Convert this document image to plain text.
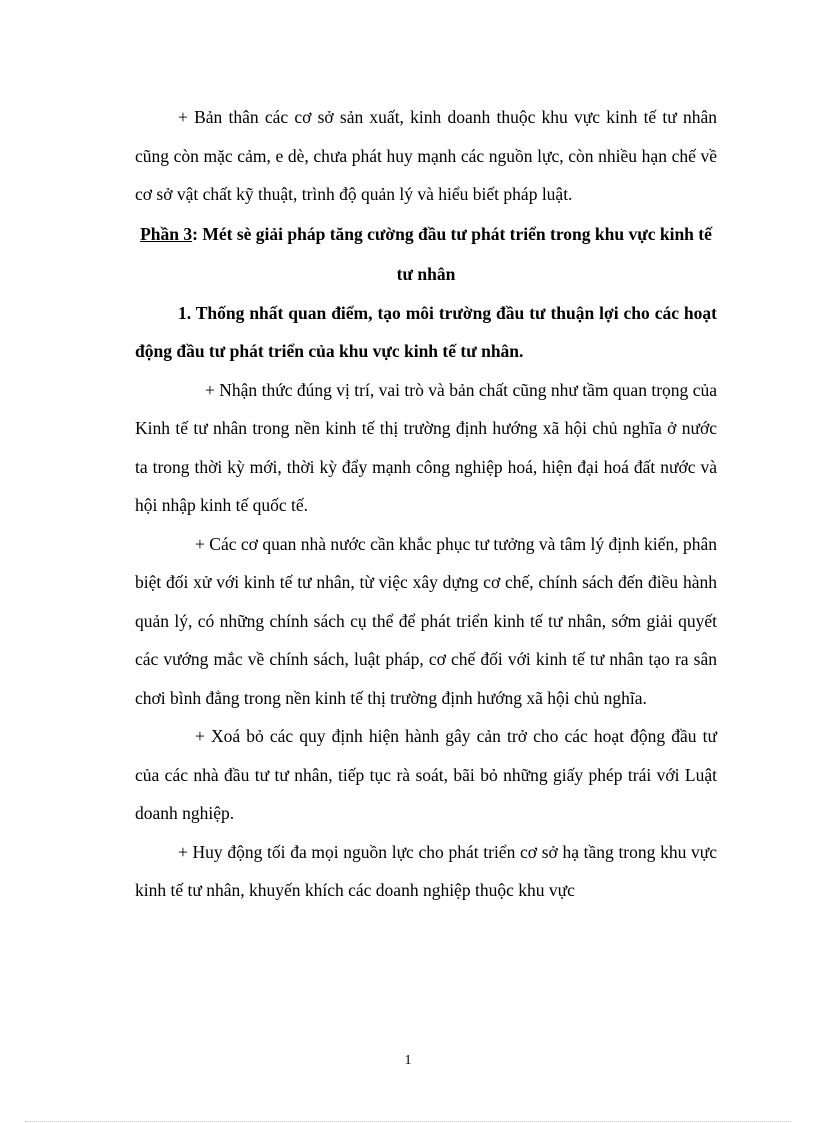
+ Bản thân các cơ sở sản xuất, kinh doanh thuộc khu vực kinh tế tư nhân cũng còn mặc cảm, e dè, chưa phát huy mạnh các nguồn lực, còn nhiều hạn chế về cơ sở vật chất kỹ thuật, trình độ quản lý và hiểu biết pháp luật.

Phần 3: Mét sè giải pháp tăng cường đầu tư phát triển trong khu vực kinh tế tư nhân

1. Thống nhất quan điểm, tạo môi trường đầu tư thuận lợi cho các hoạt động đầu tư phát triển của khu vực kinh tế tư nhân.

+ Nhận thức đúng vị trí, vai trò và bản chất cũng như tầm quan trọng của Kinh tế tư nhân trong nền kinh tế thị trường định hướng xã hội chủ nghĩa ở nước ta trong thời kỳ mới, thời kỳ đẩy mạnh công nghiệp hoá, hiện đại hoá đất nước và hội nhập kinh tế quốc tế.

+ Các cơ quan nhà nước cần khắc phục tư tưởng và tâm lý định kiến, phân biệt đối xử với kinh tế tư nhân, từ việc xây dựng cơ chế, chính sách đến điều hành quản lý, có những chính sách cụ thể để phát triển kinh tế tư nhân, sớm giải quyết các vướng mắc về chính sách, luật pháp, cơ chế đối với kinh tế tư nhân tạo ra sân chơi bình đẳng trong nền kinh tế thị trường định hướng xã hội chủ nghĩa.

+ Xoá bỏ các quy định hiện hành gây cản trở cho các hoạt động đầu tư của các nhà đầu tư tư nhân, tiếp tục rà soát, bãi bỏ những giấy phép trái với Luật doanh nghiệp.

+ Huy động tối đa mọi nguồn lực cho phát triển cơ sở hạ tầng trong khu vực kinh tế tư nhân, khuyến khích các doanh nghiệp thuộc khu vực

1
